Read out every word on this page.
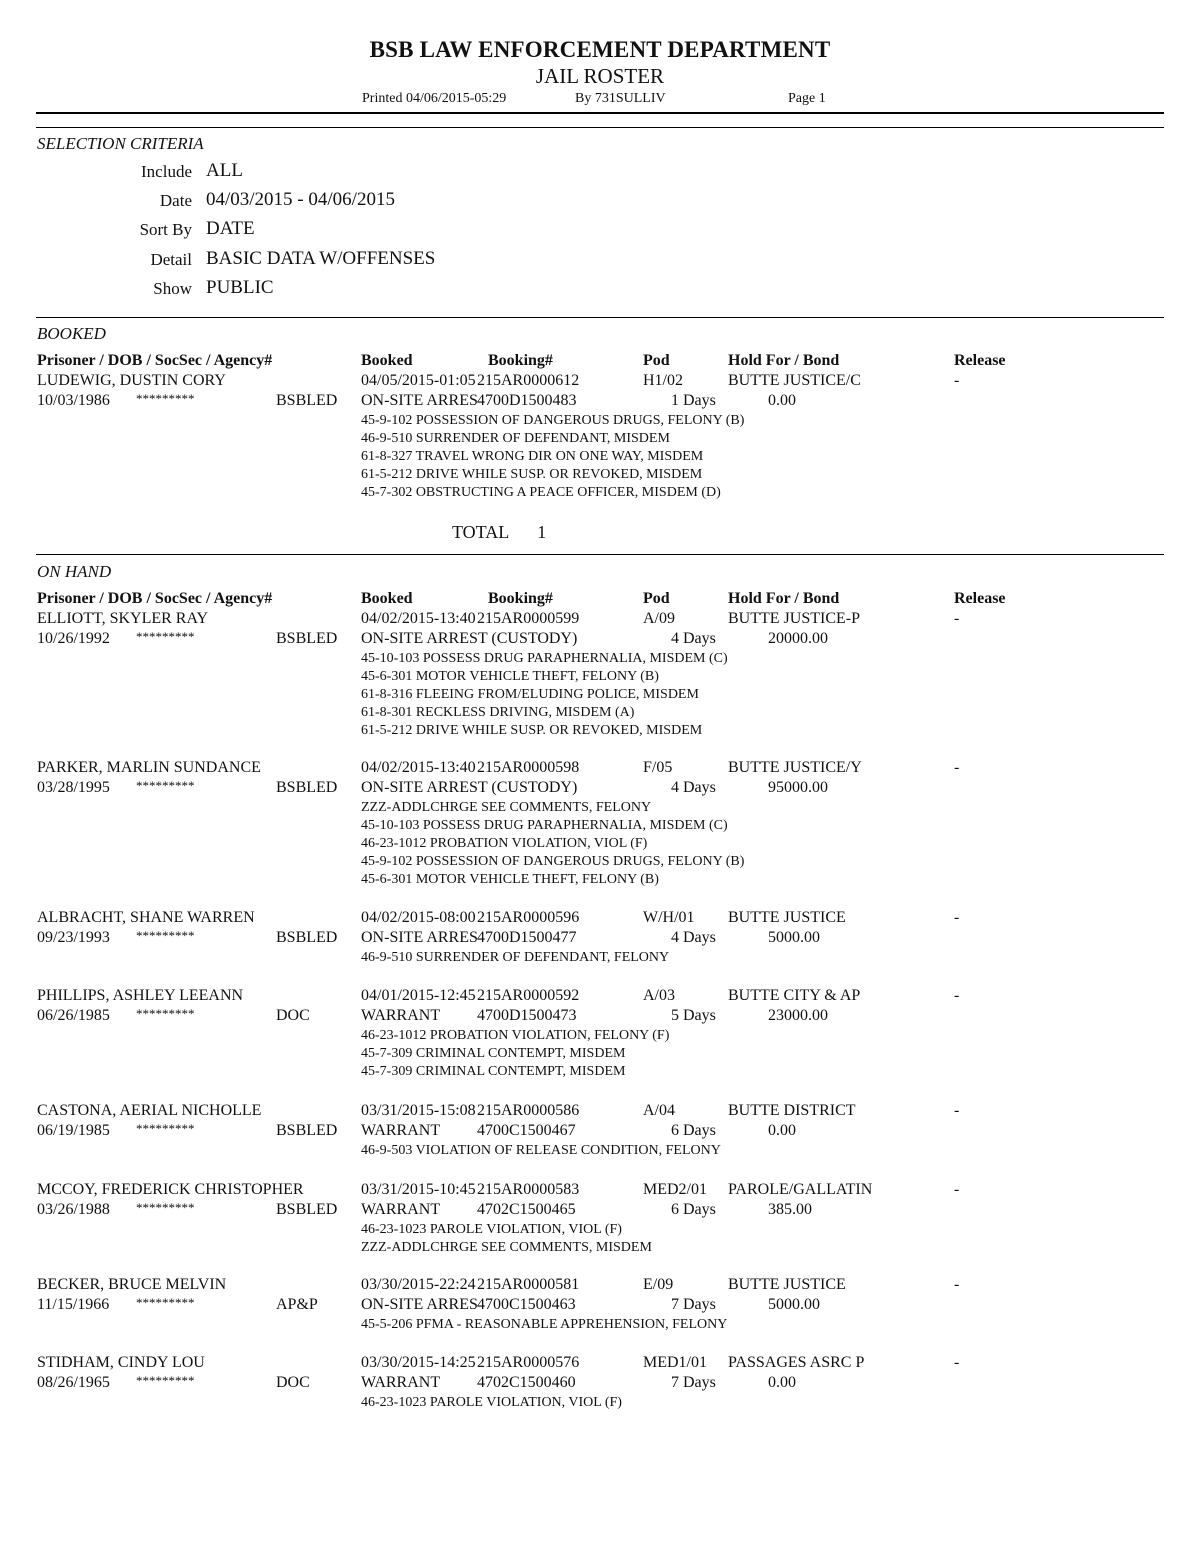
BSB LAW ENFORCEMENT DEPARTMENT
JAIL ROSTER
Printed 04/06/2015-05:29	By 731SULLIV	Page 1
SELECTION CRITERIA
Include ALL
Date 04/03/2015 - 04/06/2015
Sort By DATE
Detail BASIC DATA W/OFFENSES
Show PUBLIC
BOOKED
Prisoner / DOB / SocSec / Agency#	Booked	Booking#	Pod	Hold For / Bond	Release
LUDEWIG, DUSTIN CORY	04/05/2015-01:05 215AR0000612	H1/02	BUTTE JUSTICE/C	-
10/03/1986 *********	BSBLED ON-SITE ARRES 4700D1500483	1 Days	0.00
45-9-102 POSSESSION OF DANGEROUS DRUGS, FELONY (B)
46-9-510 SURRENDER OF DEFENDANT, MISDEM
61-8-327 TRAVEL WRONG DIR ON ONE WAY, MISDEM
61-5-212 DRIVE WHILE SUSP. OR REVOKED, MISDEM
45-7-302 OBSTRUCTING A PEACE OFFICER, MISDEM (D)
TOTAL 1
ON HAND
Prisoner / DOB / SocSec / Agency#	Booked	Booking#	Pod	Hold For / Bond	Release
ELLIOTT, SKYLER RAY	04/02/2015-13:40 215AR0000599	A/09	BUTTE JUSTICE-P	-
10/26/1992 *********	BSBLED ON-SITE ARREST (CUSTODY)	4 Days	20000.00
45-10-103 POSSESS DRUG PARAPHERNALIA, MISDEM (C)
45-6-301 MOTOR VEHICLE THEFT, FELONY (B)
61-8-316 FLEEING FROM/ELUDING POLICE, MISDEM
61-8-301 RECKLESS DRIVING, MISDEM (A)
61-5-212 DRIVE WHILE SUSP. OR REVOKED, MISDEM
PARKER, MARLIN SUNDANCE	04/02/2015-13:40 215AR0000598	F/05	BUTTE JUSTICE/Y	-
03/28/1995 *********	BSBLED ON-SITE ARREST (CUSTODY)	4 Days	95000.00
ZZZ-ADDLCHRGE SEE COMMENTS, FELONY
45-10-103 POSSESS DRUG PARAPHERNALIA, MISDEM (C)
46-23-1012 PROBATION VIOLATION, VIOL (F)
45-9-102 POSSESSION OF DANGEROUS DRUGS, FELONY (B)
45-6-301 MOTOR VEHICLE THEFT, FELONY (B)
ALBRACHT, SHANE WARREN	04/02/2015-08:00 215AR0000596	W/H/01 BUTTE JUSTICE	-
09/23/1993 *********	BSBLED ON-SITE ARRES 4700D1500477	4 Days	5000.00
46-9-510 SURRENDER OF DEFENDANT, FELONY
PHILLIPS, ASHLEY LEEANN	04/01/2015-12:45 215AR0000592	A/03	BUTTE CITY & AP	-
06/26/1985 *********	DOC	WARRANT 4700D1500473	5 Days	23000.00
46-23-1012 PROBATION VIOLATION, FELONY (F)
45-7-309 CRIMINAL CONTEMPT, MISDEM
45-7-309 CRIMINAL CONTEMPT, MISDEM
CASTONA, AERIAL NICHOLLE	03/31/2015-15:08 215AR0000586	A/04	BUTTE DISTRICT	-
06/19/1985 *********	BSBLED WARRANT 4700C1500467	6 Days	0.00
46-9-503 VIOLATION OF RELEASE CONDITION, FELONY
MCCOY, FREDERICK CHRISTOPHER	03/31/2015-10:45 215AR0000583	MED2/01 PAROLE/GALLATIN	-
03/26/1988 *********	BSBLED WARRANT 4702C1500465	6 Days	385.00
46-23-1023 PAROLE VIOLATION, VIOL (F)
ZZZ-ADDLCHRGE SEE COMMENTS, MISDEM
BECKER, BRUCE MELVIN	03/30/2015-22:24 215AR0000581	E/09	BUTTE JUSTICE	-
11/15/1966 *********	AP&P	ON-SITE ARRES 4700C1500463	7 Days	5000.00
45-5-206 PFMA - REASONABLE APPREHENSION, FELONY
STIDHAM, CINDY LOU	03/30/2015-14:25 215AR0000576	MED1/01 PASSAGES ASRC P	-
08/26/1965 *********	DOC	WARRANT 4702C1500460	7 Days	0.00
46-23-1023 PAROLE VIOLATION, VIOL (F)
